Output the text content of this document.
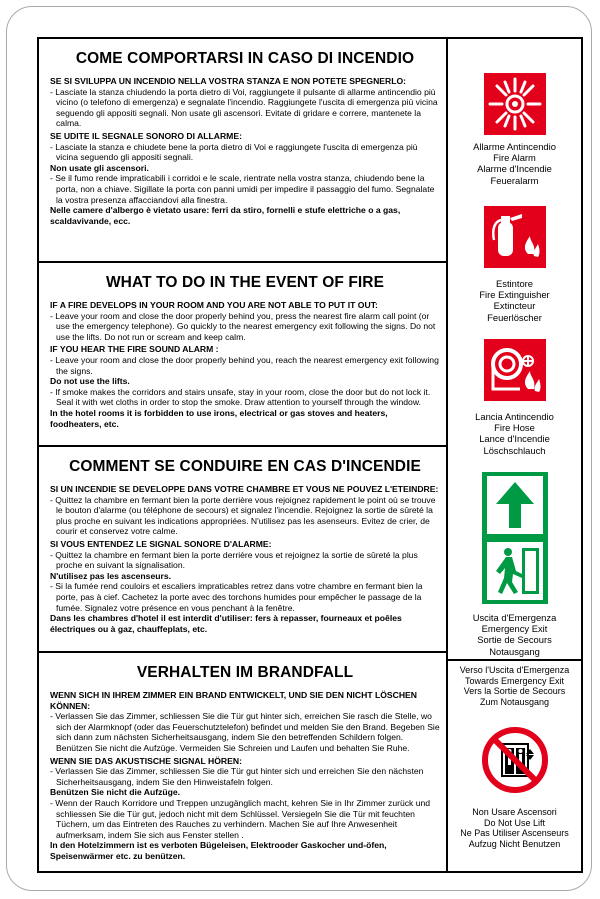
COME COMPORTARSI IN CASO DI INCENDIO

SE SI SVILUPPA UN INCENDIO NELLA VOSTRA STANZA E NON POTETE SPEGNERLO:

- Lasciate la stanza chiudendo la porta dietro di Voi, raggiungete il pulsante di allarme antincendio più vicino (o telefono di emergenza) e segnalate l'incendio. Raggiungete l'uscita di emergenza più vicina seguendo gli appositi segnali. Non usate gli ascensori. Evitate di gridare e correre, mantenete la calma.

SE UDITE IL SEGNALE SONORO DI ALLARME:

- Lasciate la stanza e chiudete bene la porta dietro di Voi e raggiungete l'uscita di emergenza più vicina seguendo gli appositi segnali.

Non usate gli ascensori.

- Se il fumo rende impraticabili i corridoi e le scale, rientrate nella vostra stanza, chiudendo bene la porta, non a chiave. Sigillate la porta con panni umidi per impedire il passaggio del fumo. Segnalate la vostra presenza affacciandovi alla finestra.

Nelle camere d'albergo è vietato usare: ferri da stiro, fornelli e stufe elettriche o a gas, scaldavivande, ecc.

WHAT TO DO IN THE EVENT OF FIRE

IF A FIRE DEVELOPS IN YOUR ROOM AND YOU ARE NOT ABLE TO PUT IT OUT:

- Leave your room and close the door properly behind you, press the nearest fire alarm call point (or use the emergency telephone). Go quickly to the nearest emergency exit following the signs. Do not use the lifts. Do not run or scream and keep calm.

IF YOU HEAR THE FIRE SOUND ALARM :

- Leave your room and close the door properly behind you, reach the nearest emergency exit following the signs.

Do not use the lifts.

- If smoke makes the corridors and stairs unsafe, stay in your room, close the door but do not lock it. Seal it with wet cloths in order to stop the smoke. Draw attention to yourself through the window.

In the hotel rooms it is forbidden to use irons, electrical or gas stoves and heaters, foodheaters, etc.

COMMENT SE CONDUIRE EN CAS D'INCENDIE

SI UN INCENDIE SE DEVELOPPE DANS VOTRE CHAMBRE ET VOUS NE POUVEZ L'ETEINDRE:

- Quittez la chambre en fermant bien la porte derrière vous rejoignez rapidement le point où se trouve le bouton d'alarme (ou téléphone de secours) et signalez l'incendie. Rejoignez la sortie de sûreté la plus proche en suivant les indications appropriées. N'utilisez pas les asenseurs. Evitez de crier, de courir et conservez votre calme.

SI VOUS ENTENDEZ LE SIGNAL SONORE D'ALARME:

- Quittez la chambre en fermant bien la porte derrière vous et rejoignez la sortie de sûreté la plus proche en suivant la signalisation.

N'utilisez pas les ascenseurs.

- Si la fumée rend couloirs et escaliers impraticables retrez dans votre chambre en fermant bien la porte, pas à cief. Cachetez la porte avec des torchons humides pour empêcher le passage de la fumée. Signalez votre présence en vous penchant à la fenêtre.

Dans les chambres d'hotel il est interdit d'utiliser: fers à repasser, fourneaux et poêles électriques ou à gaz, chauffeplats, etc.

VERHALTEN IM BRANDFALL

WENN SICH IN IHREM ZIMMER EIN BRAND ENTWICKELT, UND SIE DEN NICHT LÖSCHEN KÖNNEN:

- Verlassen Sie das Zimmer, schliessen Sie die Tür gut hinter sich, erreichen Sie rasch die Stelle, wo sich der Alarmknopf (oder das Feuerschutztelefon) befindet und melden Sie den Brand. Begeben Sie sich dann zum nächsten Sicherheitsausgang, indem Sie den betreffenden Schildern folgen. Benützen Sie nicht die Aufzüge. Vermeiden Sie Schreien und Laufen und behalten Sie Ruhe.

WENN SIE DAS AKUSTISCHE SIGNAL HÖREN:

- Verlassen Sie das Zimmer, schliessen Sie die Tür gut hinter sich und erreichen Sie den nächsten Sicherheitsausgang, indem Sie den Hinweistafeln folgen.

Benützen Sie nicht die Aufzüge.

- Wenn der Rauch Korridore und Treppen unzugänglich macht, kehren Sie in Ihr Zimmer zurück und schliessen Sie die Tür gut, jedoch nicht mit dem Schlüssel. Versiegeln Sie die Tür mit feuchten Tüchern, um das Eintreten des Rauches zu verhindern. Machen Sie auf Ihre Anwesenheit aufmerksam, indem Sie sich aus Fenster stellen .

In den Hotelzimmern ist es verboten Bügeleisen, Elektrooder Gaskocher und-öfen, Speisenwärmer etc. zu benützen.

Allarme Antincendio
Fire Alarm
Alarme d'Incendie
Feueralarm
Estintore
Fire Extinguisher
Extincteur
Feuerlöscher
Lancia Antincendio
Fire Hose
Lance d'Incendie
Löschschlauch
Uscita d'Emergenza
Emergency Exit
Sortie de Secours
Notausgang
Verso l'Uscita d'Emergenza
Towards Emergency Exit
Vers la Sortie de Secours
Zum Notausgang
Non Usare Ascensori
Do Not Use Lift
Ne Pas Utiliser Ascenseurs
Aufzug Nicht Benutzen
